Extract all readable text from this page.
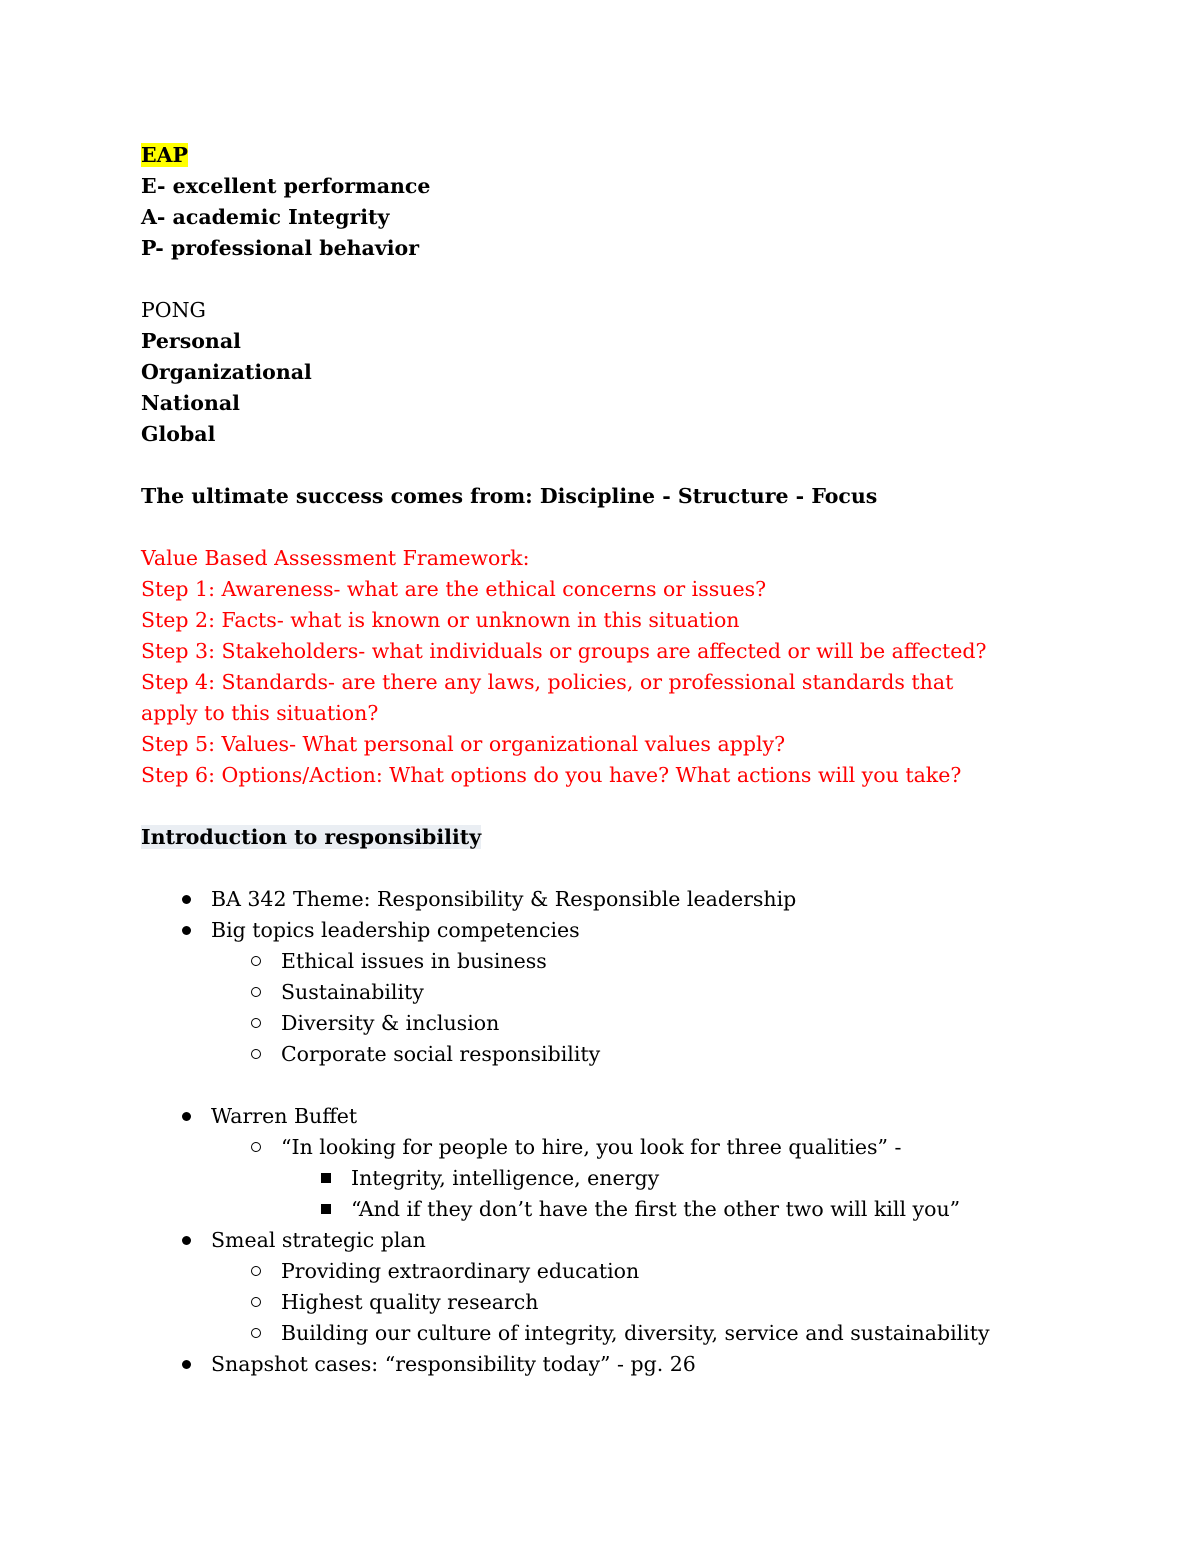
EAP
E- excellent performance
A- academic Integrity
P- professional behavior
PONG
Personal
Organizational
National
Global
The ultimate success comes from: Discipline - Structure - Focus
Value Based Assessment Framework:
Step 1: Awareness- what are the ethical concerns or issues?
Step 2: Facts- what is known or unknown in this situation
Step 3: Stakeholders- what individuals or groups are affected or will be affected?
Step 4: Standards- are there any laws, policies, or professional standards that apply to this situation?
Step 5: Values- What personal or organizational values apply?
Step 6: Options/Action: What options do you have? What actions will you take?
Introduction to responsibility
BA 342 Theme: Responsibility & Responsible leadership
Big topics leadership competencies
Ethical issues in business
Sustainability
Diversity & inclusion
Corporate social responsibility
Warren Buffet
“In looking for people to hire, you look for three qualities” -
Integrity, intelligence, energy
“And if they don’t have the first the other two will kill you”
Smeal strategic plan
Providing extraordinary education
Highest quality research
Building our culture of integrity, diversity, service and sustainability
Snapshot cases: “responsibility today” - pg. 26
